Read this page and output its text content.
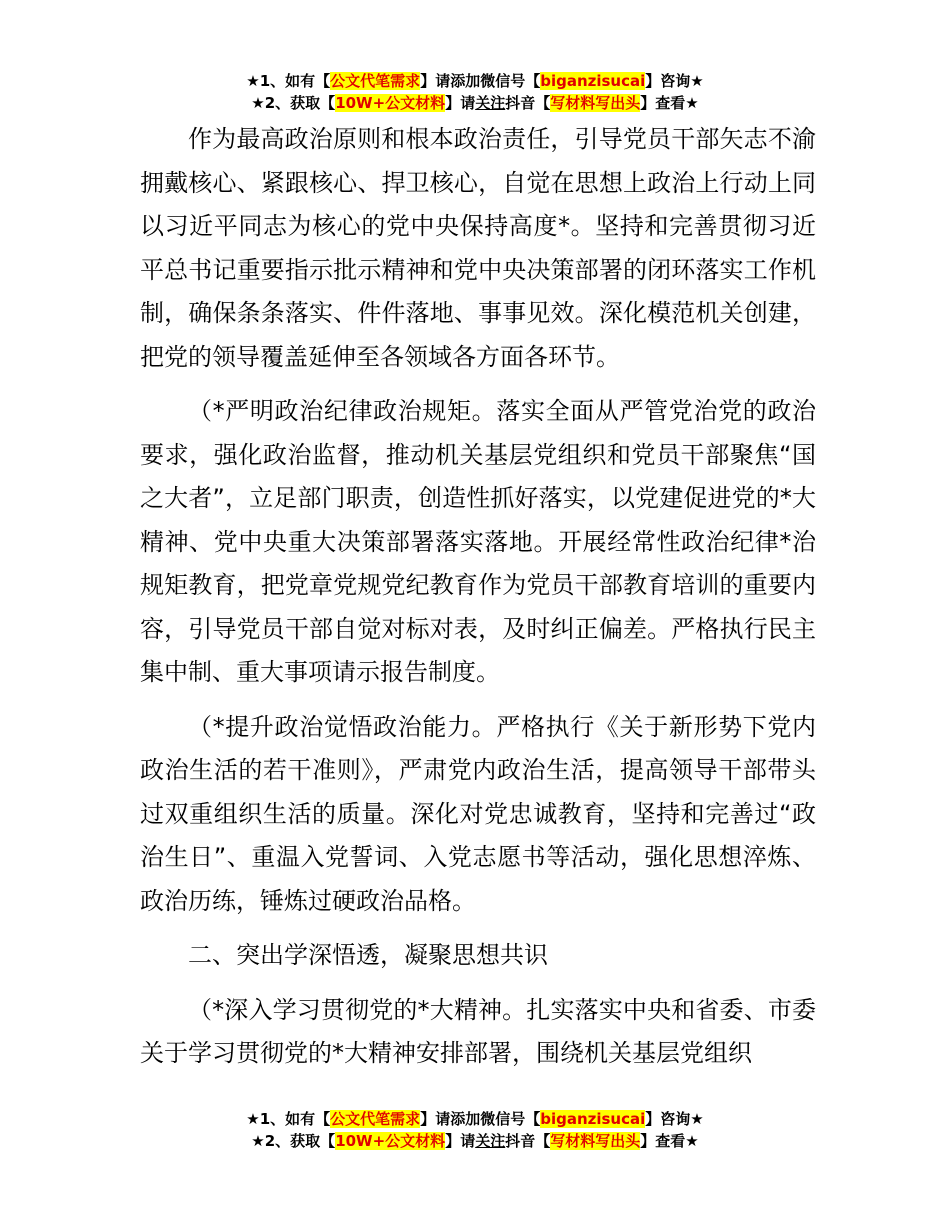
★1、如有【公文代笔需求】请添加微信号【biganzisucai】咨询★
★2、获取【10W+公文材料】请关注抖音【写材料写出头】查看★

作为最高政治原则和根本政治责任，引导党员干部矢志不渝拥戴核心、紧跟核心、捍卫核心，自觉在思想上政治上行动上同以习近平同志为核心的党中央保持高度*。坚持和完善贯彻习近平总书记重要指示批示精神和党中央决策部署的闭环落实工作机制，确保条条落实、件件落地、事事见效。深化模范机关创建，把党的领导覆盖延伸至各领域各方面各环节。

（*严明政治纪律政治规矩。落实全面从严管党治党的政治要求，强化政治监督，推动机关基层党组织和党员干部聚焦“国之大者”，立足部门职责，创造性抓好落实，以党建促进党的*大精神、党中央重大决策部署落实落地。开展经常性政治纪律*治规矩教育，把党章党规党纪教育作为党员干部教育培训的重要内容，引导党员干部自觉对标对表，及时纠正偏差。严格执行民主集中制、重大事项请示报告制度。

（*提升政治觉悟政治能力。严格执行《关于新形势下党内政治生活的若干准则》，严肃党内政治生活，提高领导干部带头过双重组织生活的质量。深化对党忠诚教育，坚持和完善过“政治生日”、重温入党誓词、入党志愿书等活动，强化思想淬炼、政治历练，锤炼过硬政治品格。

二、突出学深悟透，凝聚思想共识

（*深入学习贯彻党的*大精神。扎实落实中央和省委、市委关于学习贯彻党的*大精神安排部署，围绕机关基层党组织

★1、如有【公文代笔需求】请添加微信号【biganzisucai】咨询★
★2、获取【10W+公文材料】请关注抖音【写材料写出头】查看★
